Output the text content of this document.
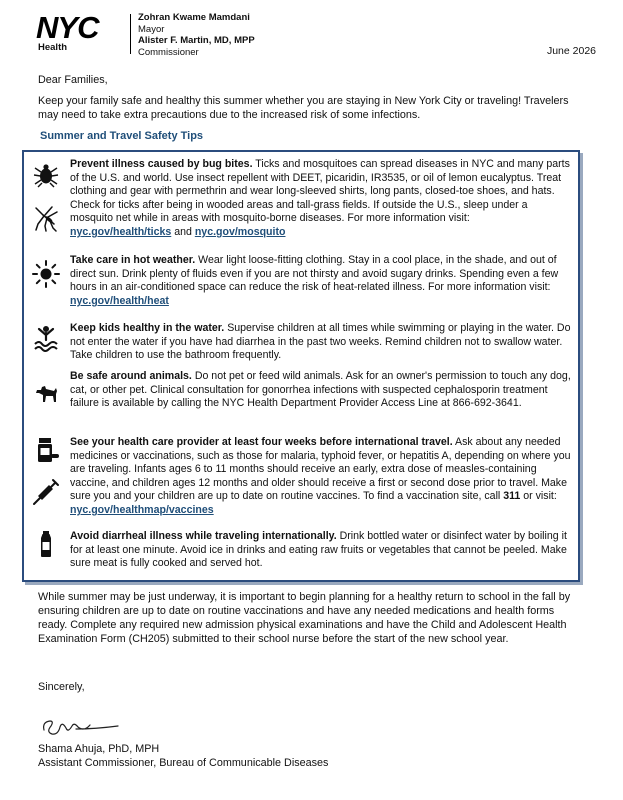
NYC
Health
Zohran Kwame Mamdani
Mayor
Alister F. Martin, MD, MPP
Commissioner	June 2026
Dear Families,
Keep your family safe and healthy this summer whether you are staying in New York City or traveling! Travelers may need to take extra precautions due to the increased risk of some infections.
Summer and Travel Safety Tips
Prevent illness caused by bug bites. Ticks and mosquitoes can spread diseases in NYC and many parts of the U.S. and world. Use insect repellent with DEET, picaridin, IR3535, or oil of lemon eucalyptus. Treat clothing and gear with permethrin and wear long-sleeved shirts, long pants, closed-toe shoes, and hats. Check for ticks after being in wooded areas and tall-grass fields. If outside the U.S., sleep under a mosquito net while in areas with mosquito-borne diseases. For more information visit: nyc.gov/health/ticks and nyc.gov/mosquito
Take care in hot weather. Wear light loose-fitting clothing. Stay in a cool place, in the shade, and out of direct sun. Drink plenty of fluids even if you are not thirsty and avoid sugary drinks. Spending even a few hours in an air-conditioned space can reduce the risk of heat-related illness. For more information visit: nyc.gov/health/heat
Keep kids healthy in the water. Supervise children at all times while swimming or playing in the water. Do not enter the water if you have had diarrhea in the past two weeks. Remind children not to swallow water. Take children to use the bathroom frequently.
Be safe around animals. Do not pet or feed wild animals. Ask for an owner's permission to touch any dog, cat, or other pet. Clinical consultation for gonorrhea infections with suspected cephalosporin treatment failure is available by calling the NYC Health Department Provider Access Line at 866-692-3641.
See your health care provider at least four weeks before international travel. Ask about any needed medicines or vaccinations, such as those for malaria, typhoid fever, or hepatitis A, depending on where you are traveling. Infants ages 6 to 11 months should receive an early, extra dose of measles-containing vaccine, and children ages 12 months and older should receive a first or second dose prior to travel. Make sure you and your children are up to date on routine vaccines. To find a vaccination site, call 311 or visit: nyc.gov/healthmap/vaccines
Avoid diarrheal illness while traveling internationally. Drink bottled water or disinfect water by boiling it for at least one minute. Avoid ice in drinks and eating raw fruits or vegetables that cannot be peeled. Make sure meat is fully cooked and served hot.
While summer may be just underway, it is important to begin planning for a healthy return to school in the fall by ensuring children are up to date on routine vaccinations and have any needed medications and health forms ready. Complete any required new admission physical examinations and have the Child and Adolescent Health Examination Form (CH205) submitted to their school nurse before the start of the new school year.
Sincerely,
Shama Ahuja, PhD, MPH
Assistant Commissioner, Bureau of Communicable Diseases
